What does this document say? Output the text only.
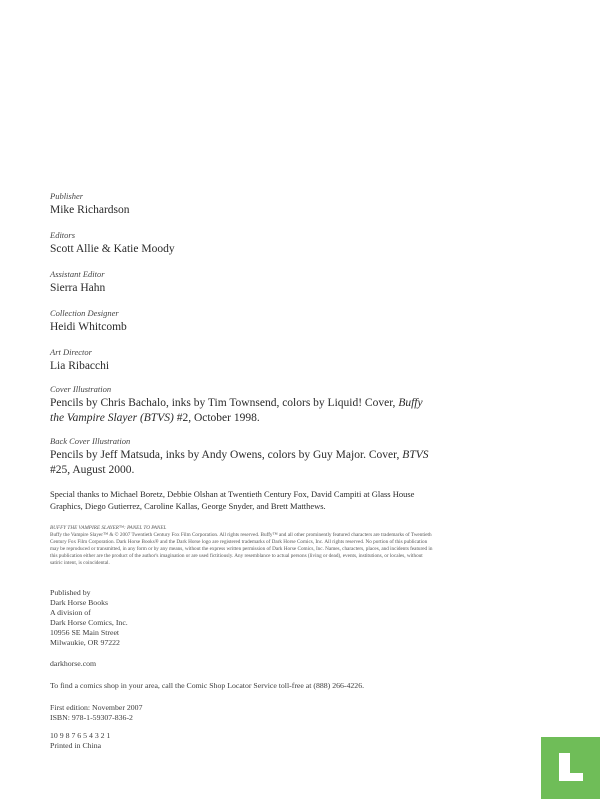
Publisher
Mike Richardson
Editors
Scott Allie & Katie Moody
Assistant Editor
Sierra Hahn
Collection Designer
Heidi Whitcomb
Art Director
Lia Ribacchi
Cover Illustration
Pencils by Chris Bachalo, inks by Tim Townsend, colors by Liquid! Cover, Buffy the Vampire Slayer (BTVS) #2, October 1998.
Back Cover Illustration
Pencils by Jeff Matsuda, inks by Andy Owens, colors by Guy Major. Cover, BTVS #25, August 2000.
Special thanks to Michael Boretz, Debbie Olshan at Twentieth Century Fox, David Campiti at Glass House Graphics, Diego Gutierrez, Caroline Kallas, George Snyder, and Brett Matthews.
BUFFY THE VAMPIRE SLAYER™: PANEL TO PANEL
Buffy the Vampire Slayer™ & © 2007 Twentieth Century Fox Film Corporation. All rights reserved. Buffy™ and all other prominently featured characters are trademarks of Twentieth Century Fox Film Corporation. Dark Horse Books® and the Dark Horse logo are registered trademarks of Dark Horse Comics, Inc. All rights reserved. No portion of this publication may be reproduced or transmitted, in any form or by any means, without the express written permission of Dark Horse Comics, Inc. Names, characters, places, and incidents featured in this publication either are the product of the author's imagination or are used fictitiously. Any resemblance to actual persons (living or dead), events, institutions, or locales, without satiric intent, is coincidental.
Published by
Dark Horse Books
A division of
Dark Horse Comics, Inc.
10956 SE Main Street
Milwaukie, OR 97222
darkhorse.com
To find a comics shop in your area, call the Comic Shop Locator Service toll-free at (888) 266-4226.
First edition: November 2007
ISBN: 978-1-59307-836-2
10 9 8 7 6 5 4 3 2 1
Printed in China
